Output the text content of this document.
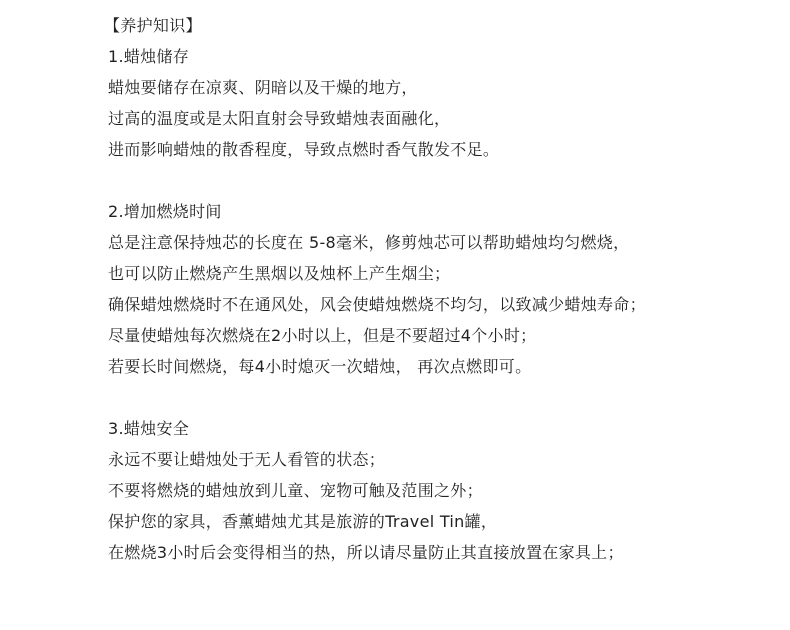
【养护知识】
1.蜡烛储存
蜡烛要储存在凉爽、阴暗以及干燥的地方，
过高的温度或是太阳直射会导致蜡烛表面融化，
进而影响蜡烛的散香程度，导致点燃时香气散发不足。
2.增加燃烧时间
总是注意保持烛芯的长度在 5-8毫米，修剪烛芯可以帮助蜡烛均匀燃烧，
也可以防止燃烧产生黑烟以及烛杯上产生烟尘；
确保蜡烛燃烧时不在通风处，风会使蜡烛燃烧不均匀，以致减少蜡烛寿命；
尽量使蜡烛每次燃烧在2小时以上，但是不要超过4个小时；
若要长时间燃烧，每4小时熄灭一次蜡烛， 再次点燃即可。
3.蜡烛安全
永远不要让蜡烛处于无人看管的状态；
不要将燃烧的蜡烛放到儿童、宠物可触及范围之外；
保护您的家具，香薰蜡烛尤其是旅游的Travel Tin罐，
在燃烧3小时后会变得相当的热，所以请尽量防止其直接放置在家具上；
